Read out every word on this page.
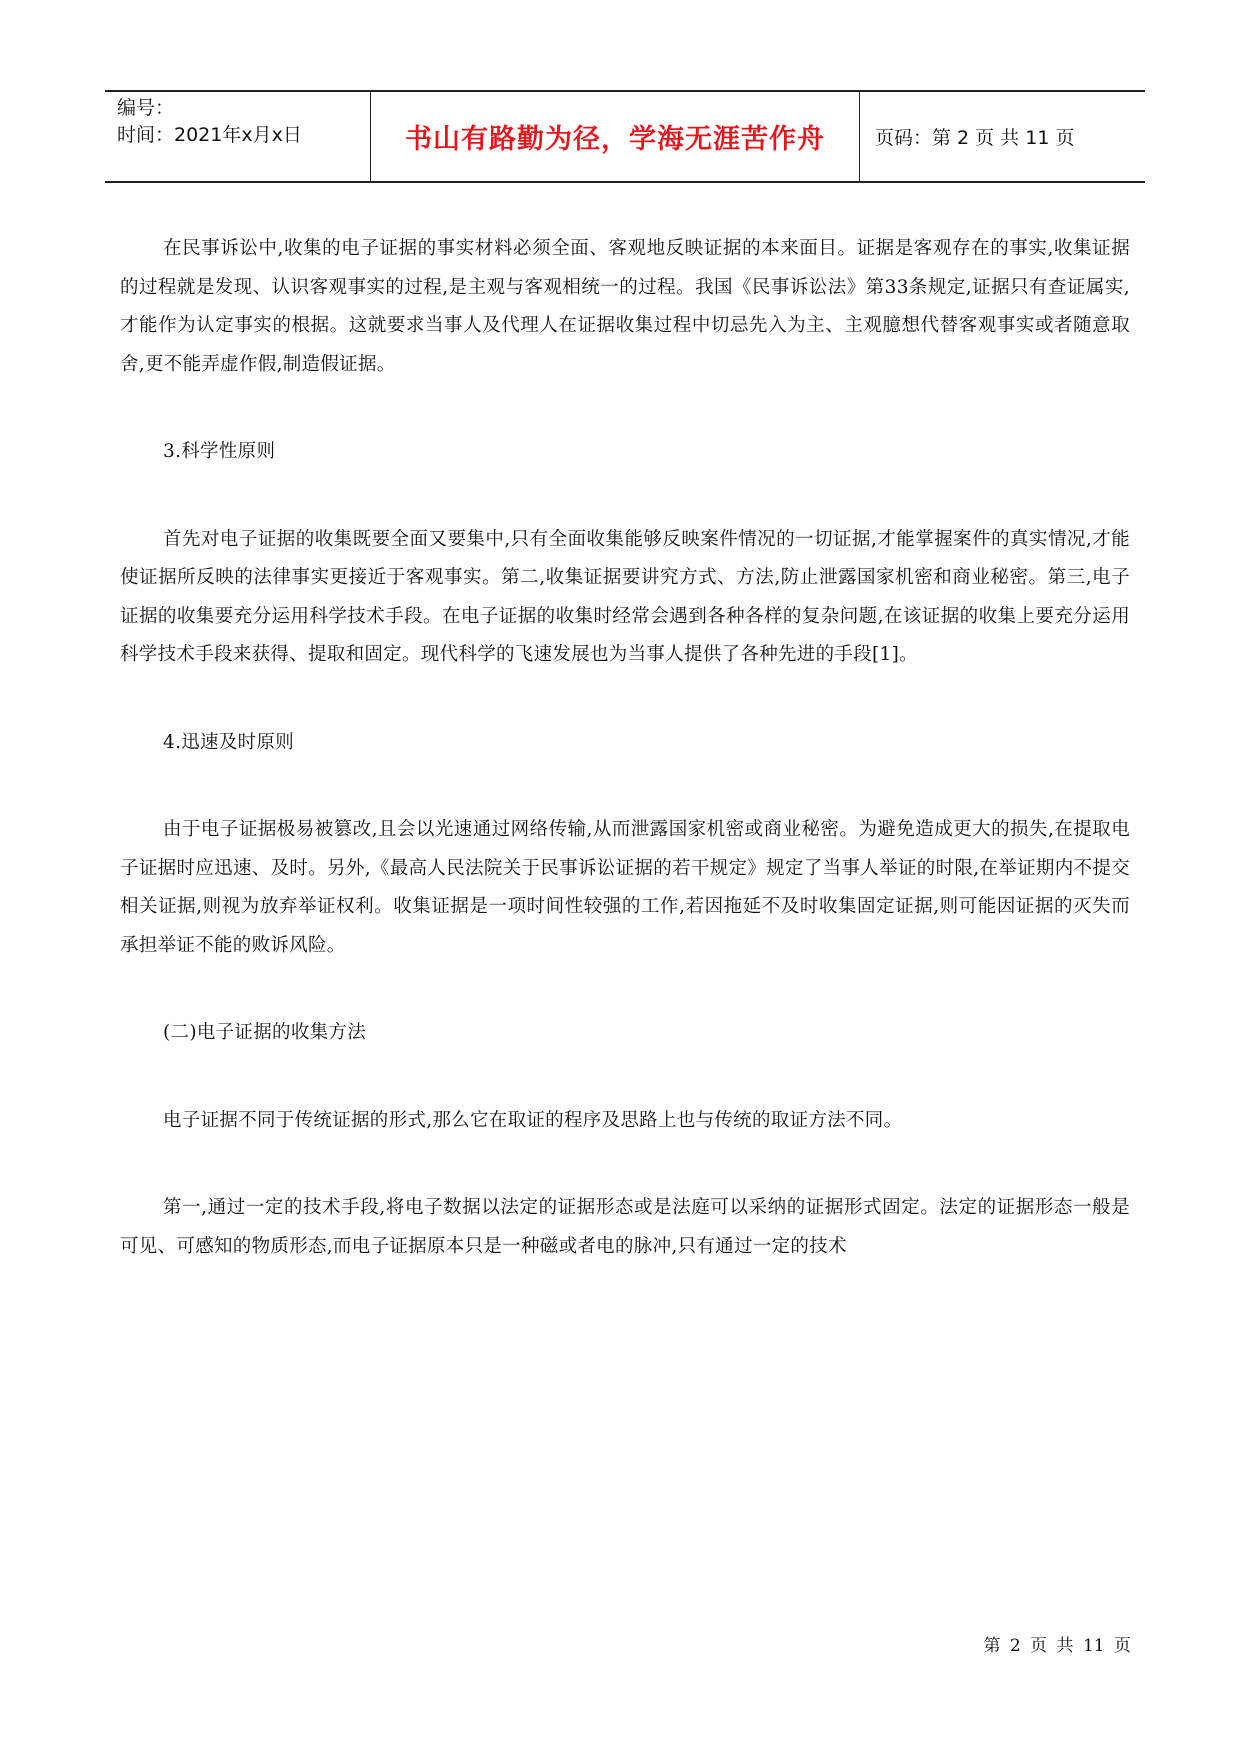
编号：
时间：2021年x月x日	书山有路勤为径，学海无涯苦作舟	页码：第 2 页 共 11 页

在民事诉讼中,收集的电子证据的事实材料必须全面、客观地反映证据的本来面目。证据是客观存在的事实,收集证据的过程就是发现、认识客观事实的过程,是主观与客观相统一的过程。我国《民事诉讼法》第33条规定,证据只有查证属实,才能作为认定事实的根据。这就要求当事人及代理人在证据收集过程中切忌先入为主、主观臆想代替客观事实或者随意取舍,更不能弄虚作假,制造假证据。

3.科学性原则

首先对电子证据的收集既要全面又要集中,只有全面收集能够反映案件情况的一切证据,才能掌握案件的真实情况,才能使证据所反映的法律事实更接近于客观事实。第二,收集证据要讲究方式、方法,防止泄露国家机密和商业秘密。第三,电子证据的收集要充分运用科学技术手段。在电子证据的收集时经常会遇到各种各样的复杂问题,在该证据的收集上要充分运用科学技术手段来获得、提取和固定。现代科学的飞速发展也为当事人提供了各种先进的手段[1]。

4.迅速及时原则

由于电子证据极易被篡改,且会以光速通过网络传输,从而泄露国家机密或商业秘密。为避免造成更大的损失,在提取电子证据时应迅速、及时。另外,《最高人民法院关于民事诉讼证据的若干规定》规定了当事人举证的时限,在举证期内不提交相关证据,则视为放弃举证权利。收集证据是一项时间性较强的工作,若因拖延不及时收集固定证据,则可能因证据的灭失而承担举证不能的败诉风险。

(二)电子证据的收集方法

电子证据不同于传统证据的形式,那么它在取证的程序及思路上也与传统的取证方法不同。

第一,通过一定的技术手段,将电子数据以法定的证据形态或是法庭可以采纳的证据形式固定。法定的证据形态一般是可见、可感知的物质形态,而电子证据原本只是一种磁或者电的脉冲,只有通过一定的技术

第 2 页 共 11 页
